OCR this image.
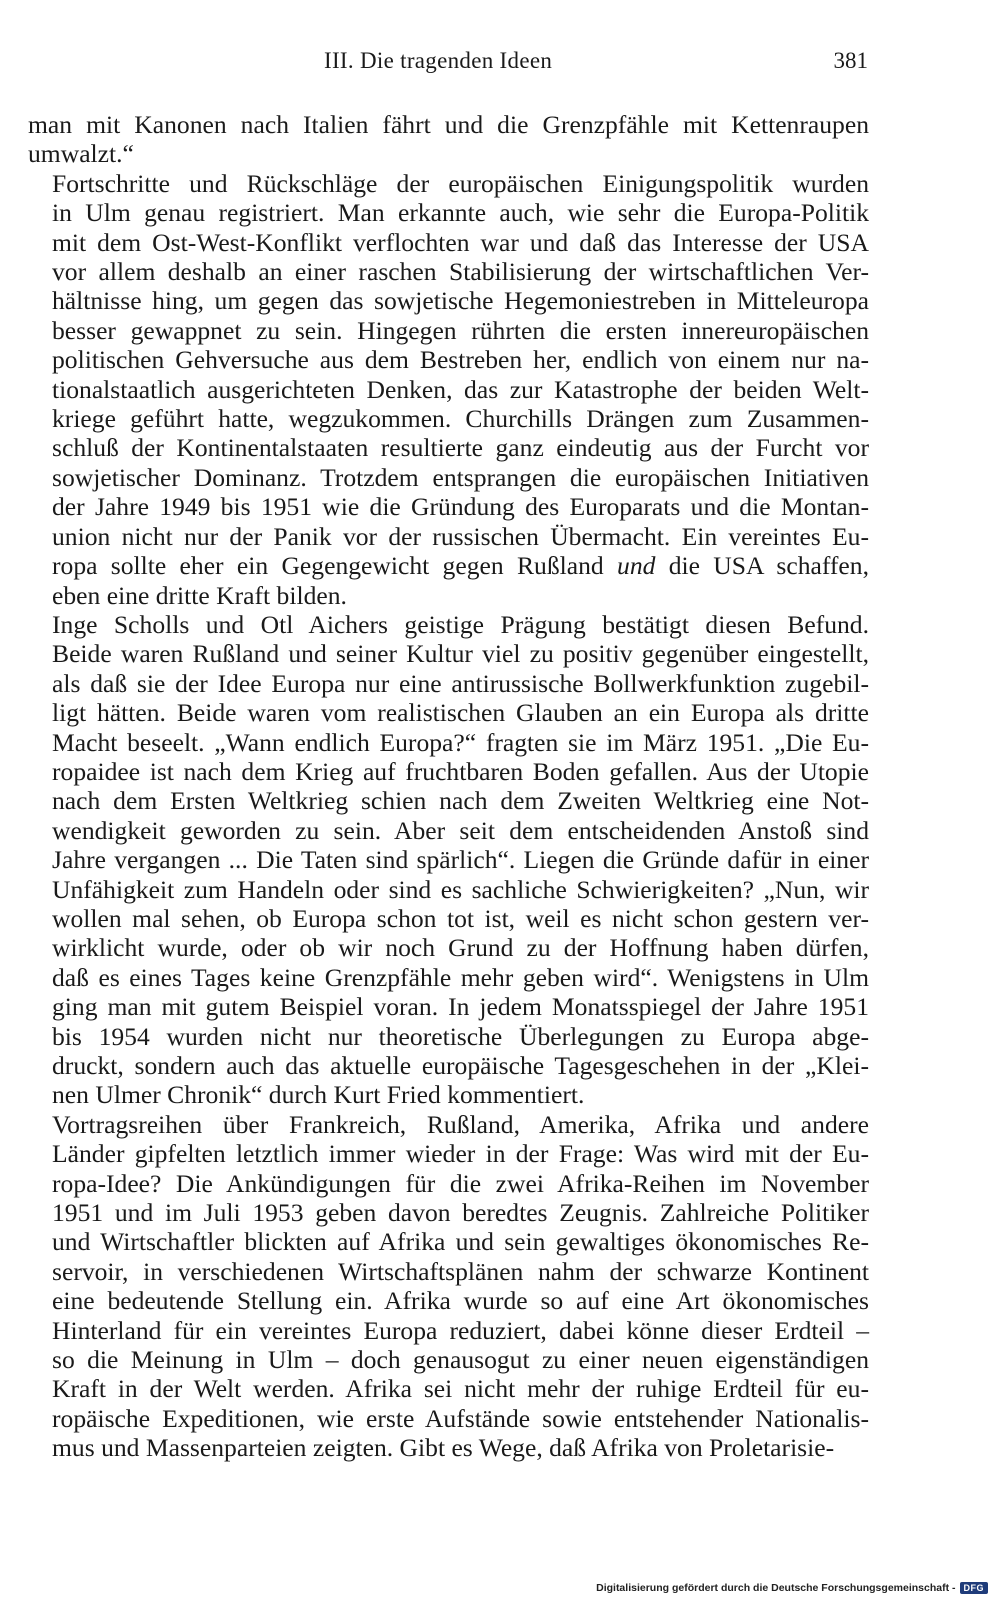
III. Die tragenden Ideen	381

man mit Kanonen nach Italien fährt und die Grenzpfähle mit Kettenraupen
umwalzt.“

Fortschritte und Rückschläge der europäischen Einigungspolitik wurden
in Ulm genau registriert. Man erkannte auch, wie sehr die Europa-Politik
mit dem Ost-West-Konflikt verflochten war und daß das Interesse der USA
vor allem deshalb an einer raschen Stabilisierung der wirtschaftlichen Ver-
hältnisse hing, um gegen das sowjetische Hegemoniestreben in Mitteleuropa
besser gewappnet zu sein. Hingegen rührten die ersten innereuropäischen
politischen Gehversuche aus dem Bestreben her, endlich von einem nur na-
tionalstaatlich ausgerichteten Denken, das zur Katastrophe der beiden Welt-
kriege geführt hatte, wegzukommen. Churchills Drängen zum Zusammen-
schluß der Kontinentalstaaten resultierte ganz eindeutig aus der Furcht vor
sowjetischer Dominanz. Trotzdem entsprangen die europäischen Initiativen
der Jahre 1949 bis 1951 wie die Gründung des Europarats und die Montan-
union nicht nur der Panik vor der russischen Übermacht. Ein vereintes Eu-
ropa sollte eher ein Gegengewicht gegen Rußland und die USA schaffen,
eben eine dritte Kraft bilden.

Inge Scholls und Otl Aichers geistige Prägung bestätigt diesen Befund.
Beide waren Rußland und seiner Kultur viel zu positiv gegenüber eingestellt,
als daß sie der Idee Europa nur eine antirussische Bollwerkfunktion zugebil-
ligt hätten. Beide waren vom realistischen Glauben an ein Europa als dritte
Macht beseelt. „Wann endlich Europa?“ fragten sie im März 1951. „Die Eu-
ropaidee ist nach dem Krieg auf fruchtbaren Boden gefallen. Aus der Utopie
nach dem Ersten Weltkrieg schien nach dem Zweiten Weltkrieg eine Not-
wendigkeit geworden zu sein. Aber seit dem entscheidenden Anstoß sind
Jahre vergangen ... Die Taten sind spärlich“. Liegen die Gründe dafür in einer
Unfähigkeit zum Handeln oder sind es sachliche Schwierigkeiten? „Nun, wir
wollen mal sehen, ob Europa schon tot ist, weil es nicht schon gestern ver-
wirklicht wurde, oder ob wir noch Grund zu der Hoffnung haben dürfen,
daß es eines Tages keine Grenzpfähle mehr geben wird“. Wenigstens in Ulm
ging man mit gutem Beispiel voran. In jedem Monatsspiegel der Jahre 1951
bis 1954 wurden nicht nur theoretische Überlegungen zu Europa abge-
druckt, sondern auch das aktuelle europäische Tagesgeschehen in der „Klei-
nen Ulmer Chronik“ durch Kurt Fried kommentiert.

Vortragsreihen über Frankreich, Rußland, Amerika, Afrika und andere
Länder gipfelten letztlich immer wieder in der Frage: Was wird mit der Eu-
ropa-Idee? Die Ankündigungen für die zwei Afrika-Reihen im November
1951 und im Juli 1953 geben davon beredtes Zeugnis. Zahlreiche Politiker
und Wirtschaftler blickten auf Afrika und sein gewaltiges ökonomisches Re-
servoir, in verschiedenen Wirtschaftsplänen nahm der schwarze Kontinent
eine bedeutende Stellung ein. Afrika wurde so auf eine Art ökonomisches
Hinterland für ein vereintes Europa reduziert, dabei könne dieser Erdteil –
so die Meinung in Ulm – doch genausogut zu einer neuen eigenständigen
Kraft in der Welt werden. Afrika sei nicht mehr der ruhige Erdteil für eu-
ropäische Expeditionen, wie erste Aufstände sowie entstehender Nationalis-
mus und Massenparteien zeigten. Gibt es Wege, daß Afrika von Proletarisie-

Digitalisierung gefördert durch die Deutsche Forschungsgemeinschaft - DFG
